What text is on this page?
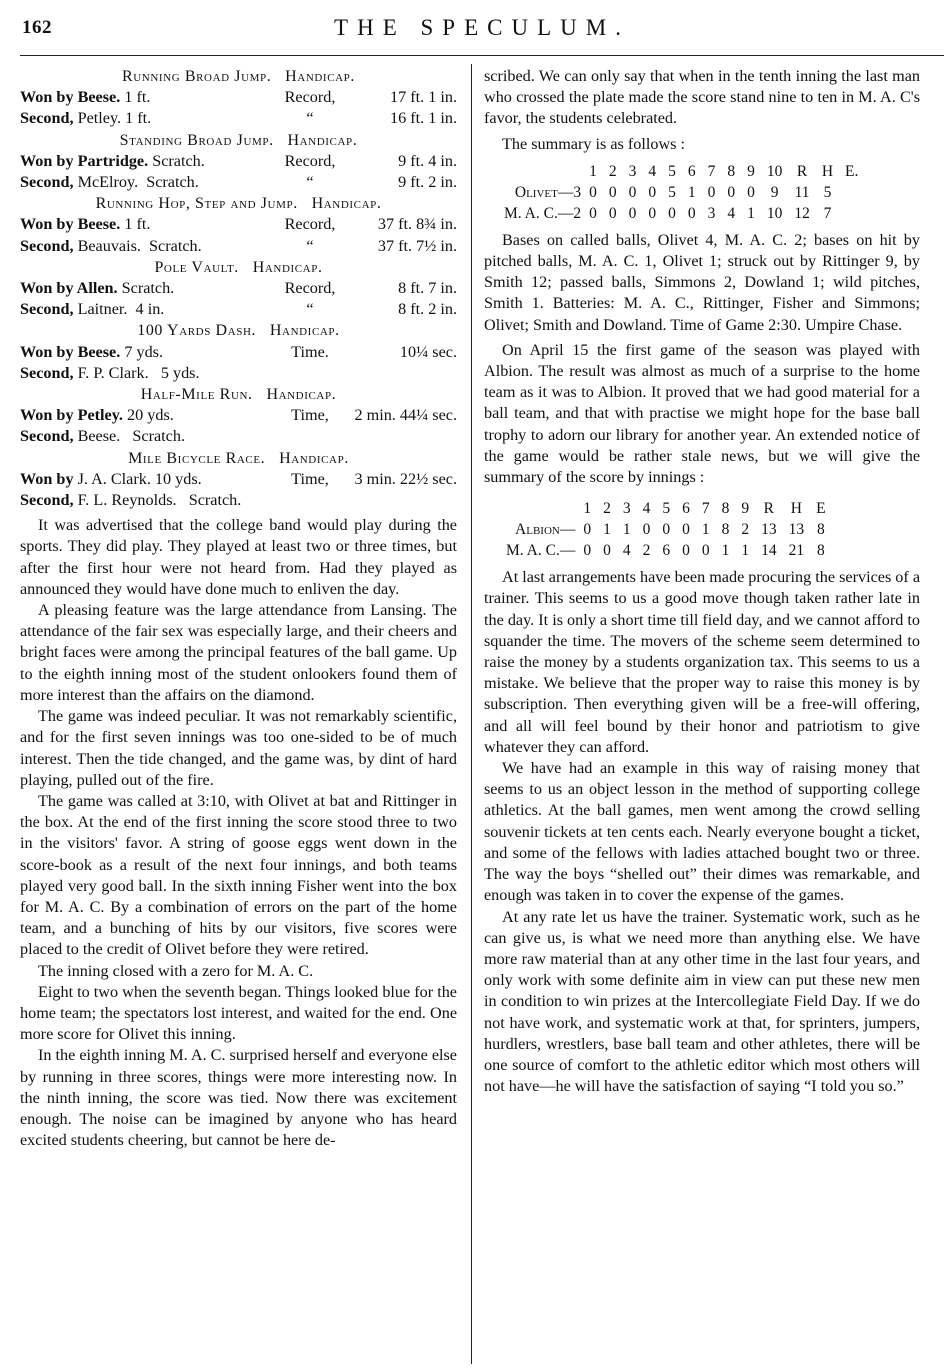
162	THE SPECULUM.
Running Broad Jump.   Handicap.
Won by Beese. 1 ft.	Record,	17 ft. 1 in.
Second, Petley. 1 ft.	“	16 ft. 1 in.
Standing Broad Jump.   Handicap.
Won by Partridge. Scratch.	Record,	9 ft. 4 in.
Second, McElroy.  Scratch.	“	9 ft. 2 in.
Running Hop, Step and Jump.   Handicap.
Won by Beese. 1 ft.	Record,	37 ft. 8¾ in.
Second, Beauvais.  Scratch.	“	37 ft. 7½ in.
Pole Vault.   Handicap.
Won by Allen. Scratch.	Record,	8 ft. 7 in.
Second, Laitner.  4 in.	“	8 ft. 2 in.
100 Yards Dash.   Handicap.
Won by Beese. 7 yds.	Time.	10¼ sec.
Second, F. P. Clark.   5 yds.
Half-Mile Run.   Handicap.
Won by Petley. 20 yds.	Time, 2 min. 44¼ sec.
Second, Beese.   Scratch.
Mile Bicycle Race.   Handicap.
Won by J. A. Clark. 10 yds.	Time, 3 min. 22½ sec.
Second, F. L. Reynolds.   Scratch.

It was advertised that the college band would play during the sports. They did play. They played at least two or three times, but after the first hour were not heard from. Had they played as announced they would have done much to enliven the day.

A pleasing feature was the large attendance from Lansing. The attendance of the fair sex was especially large, and their cheers and bright faces were among the principal features of the ball game. Up to the eighth inning most of the student onlookers found them of more interest than the affairs on the diamond.

The game was indeed peculiar. It was not remarkably scientific, and for the first seven innings was too one-sided to be of much interest. Then the tide changed, and the game was, by dint of hard playing, pulled out of the fire.

The game was called at 3:10, with Olivet at bat and Rittinger in the box. At the end of the first inning the score stood three to two in the visitors' favor. A string of goose eggs went down in the score-book as a result of the next four innings, and both teams played very good ball. In the sixth inning Fisher went into the box for M. A. C. By a combination of errors on the part of the home team, and a bunching of hits by our visitors, five scores were placed to the credit of Olivet before they were retired.

The inning closed with a zero for M. A. C.

Eight to two when the seventh began. Things looked blue for the home team; the spectators lost interest, and waited for the end. One more score for Olivet this inning.

In the eighth inning M. A. C. surprised herself and everyone else by running in three scores, things were more interesting now. In the ninth inning, the score was tied. Now there was excitement enough. The noise can be imagined by anyone who has heard excited students cheering, but cannot be here de-

scribed. We can only say that when in the tenth inning the last man who crossed the plate made the score stand nine to ten in M. A. C's favor, the students celebrated.

The summary is as follows :

	1	2	3	4	5	6	7	8	9	10	R	H	E.
Olivet—3	0	0	0	0	5	1	0	0	0	9	11	5	
M. A. C.—2	0	0	0	0	0	0	3	4	1	10	12	7	

Bases on called balls, Olivet 4, M. A. C. 2; bases on hit by pitched balls, M. A. C. 1, Olivet 1; struck out by Rittinger 9, by Smith 12; passed balls, Simmons 2, Dowland 1; wild pitches, Smith 1. Batteries: M. A. C., Rittinger, Fisher and Simmons; Olivet; Smith and Dowland. Time of Game 2:30. Umpire Chase.

On April 15 the first game of the season was played with Albion. The result was almost as much of a surprise to the home team as it was to Albion. It proved that we had good material for a ball team, and that with practise we might hope for the base ball trophy to adorn our library for another year. An extended notice of the game would be rather stale news, but we will give the summary of the score by innings :

	1	2	3	4	5	6	7	8	9	R	H	E
Albion—	0	1	1	0	0	0	1	8	2	13	13	8
M. A. C.—	0	0	4	2	6	0	0	1	1	14	21	8

At last arrangements have been made procuring the services of a trainer. This seems to us a good move though taken rather late in the day. It is only a short time till field day, and we cannot afford to squander the time. The movers of the scheme seem determined to raise the money by a students organization tax. This seems to us a mistake. We believe that the proper way to raise this money is by subscription. Then everything given will be a free-will offering, and all will feel bound by their honor and patriotism to give whatever they can afford.

We have had an example in this way of raising money that seems to us an object lesson in the method of supporting college athletics. At the ball games, men went among the crowd selling souvenir tickets at ten cents each. Nearly everyone bought a ticket, and some of the fellows with ladies attached bought two or three. The way the boys “shelled out” their dimes was remarkable, and enough was taken in to cover the expense of the games.

At any rate let us have the trainer. Systematic work, such as he can give us, is what we need more than anything else. We have more raw material than at any other time in the last four years, and only work with some definite aim in view can put these new men in condition to win prizes at the Intercollegiate Field Day. If we do not have work, and systematic work at that, for sprinters, jumpers, hurdlers, wrestlers, base ball team and other athletes, there will be one source of comfort to the athletic editor which most others will not have—he will have the satisfaction of saying “I told you so.”
